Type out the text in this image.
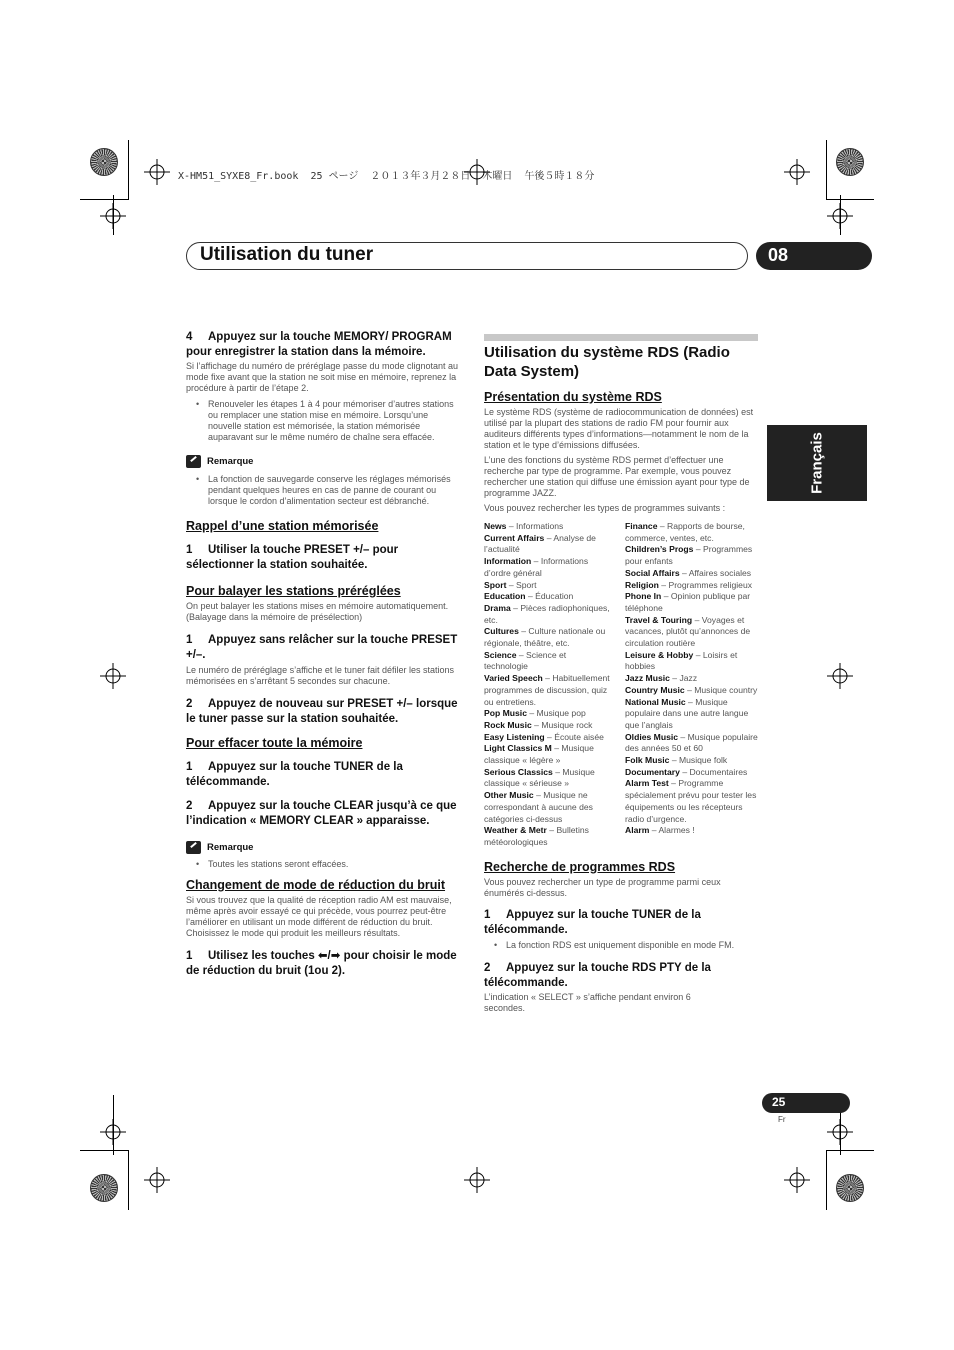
X-HM51_SYXE8_Fr.book  25 ページ  ２０１３年３月２８日  木曜日  午後５時１８分
Utilisation du tuner	08
Français

4 Appuyez sur la touche MEMORY/ PROGRAM pour enregistrer la station dans la mémoire.

Si l’affichage du numéro de préréglage passe du mode clignotant au mode fixe avant que la station ne soit mise en mémoire, reprenez la procédure à partir de l’étape 2.

• Renouveler les étapes 1 à 4 pour mémoriser d’autres stations ou remplacer une station mise en mémoire. Lorsqu’une nouvelle station est mémorisée, la station mémorisée auparavant sur le même numéro de chaîne sera effacée.

Remarque

• La fonction de sauvegarde conserve les réglages mémorisés pendant quelques heures en cas de panne de courant ou lorsque le cordon d’alimentation secteur est débranché.

Rappel d’une station mémorisée

1 Utiliser la touche PRESET +/– pour sélectionner la station souhaitée.

Pour balayer les stations préréglées

On peut balayer les stations mises en mémoire automatiquement. (Balayage dans la mémoire de présélection)

1 Appuyez sans relâcher sur la touche PRESET +/–.

Le numéro de préréglage s’affiche et le tuner fait défiler les stations mémorisées en s’arrêtant 5 secondes sur chacune.

2 Appuyez de nouveau sur PRESET +/– lorsque le tuner passe sur la station souhaitée.

Pour effacer toute la mémoire

1 Appuyez sur la touche TUNER de la télécommande.

2 Appuyez sur la touche CLEAR jusqu’à ce que l’indication « MEMORY CLEAR » apparaisse.

Remarque

• Toutes les stations seront effacées.

Changement de mode de réduction du bruit

Si vous trouvez que la qualité de réception radio AM est mauvaise, même après avoir essayé ce qui précède, vous pourrez peut-être l’améliorer en utilisant un mode différent de réduction du bruit. Choisissez le mode qui produit les meilleurs résultats.

1 Utilisez les touches ⬅/➡ pour choisir le mode de réduction du bruit (1ou 2).

Utilisation du système RDS (Radio Data System)

Présentation du système RDS

Le système RDS (système de radiocommunication de données) est utilisé par la plupart des stations de radio FM pour fournir aux auditeurs différents types d’informations—notamment le nom de la station et le type d’émissions diffusées.

L’une des fonctions du système RDS permet d’effectuer une recherche par type de programme. Par exemple, vous pouvez rechercher une station qui diffuse une émission ayant pour type de programme JAZZ.

Vous pouvez rechercher les types de programmes suivants :

News – Informations

Current Affairs – Analyse de l’actualité

Information – Informations d’ordre général

Sport – Sport

Education – Éducation

Drama – Pièces radiophoniques, etc.

Cultures – Culture nationale ou régionale, théâtre, etc.

Science – Science et technologie

Varied Speech – Habituellement programmes de discussion, quiz ou entretiens.

Pop Music – Musique pop

Rock Music – Musique rock

Easy Listening – Écoute aisée

Light Classics M – Musique classique « légère »

Serious Classics – Musique classique « sérieuse »

Other Music – Musique ne correspondant à aucune des catégories ci-dessus

Weather & Metr – Bulletins météorologiques

Finance – Rapports de bourse, commerce, ventes, etc.

Children’s Progs – Programmes pour enfants

Social Affairs – Affaires sociales

Religion – Programmes religieux

Phone In – Opinion publique par téléphone

Travel & Touring – Voyages et vacances, plutôt qu’annonces de circulation routière

Leisure & Hobby – Loisirs et hobbies

Jazz Music – Jazz

Country Music – Musique country

National Music – Musique populaire dans une autre langue que l’anglais

Oldies Music – Musique populaire des années 50 et 60

Folk Music – Musique folk

Documentary – Documentaires

Alarm Test – Programme spécialement prévu pour tester les équipements ou les récepteurs radio d’urgence.

Alarm – Alarmes !

Recherche de programmes RDS

Vous pouvez rechercher un type de programme parmi ceux énumérés ci-dessus.

1 Appuyez sur la touche TUNER de la télécommande.

• La fonction RDS est uniquement disponible en mode FM.

2 Appuyez sur la touche RDS PTY de la télécommande.

L’indication « SELECT » s’affiche pendant environ 6 secondes.

25
Fr
